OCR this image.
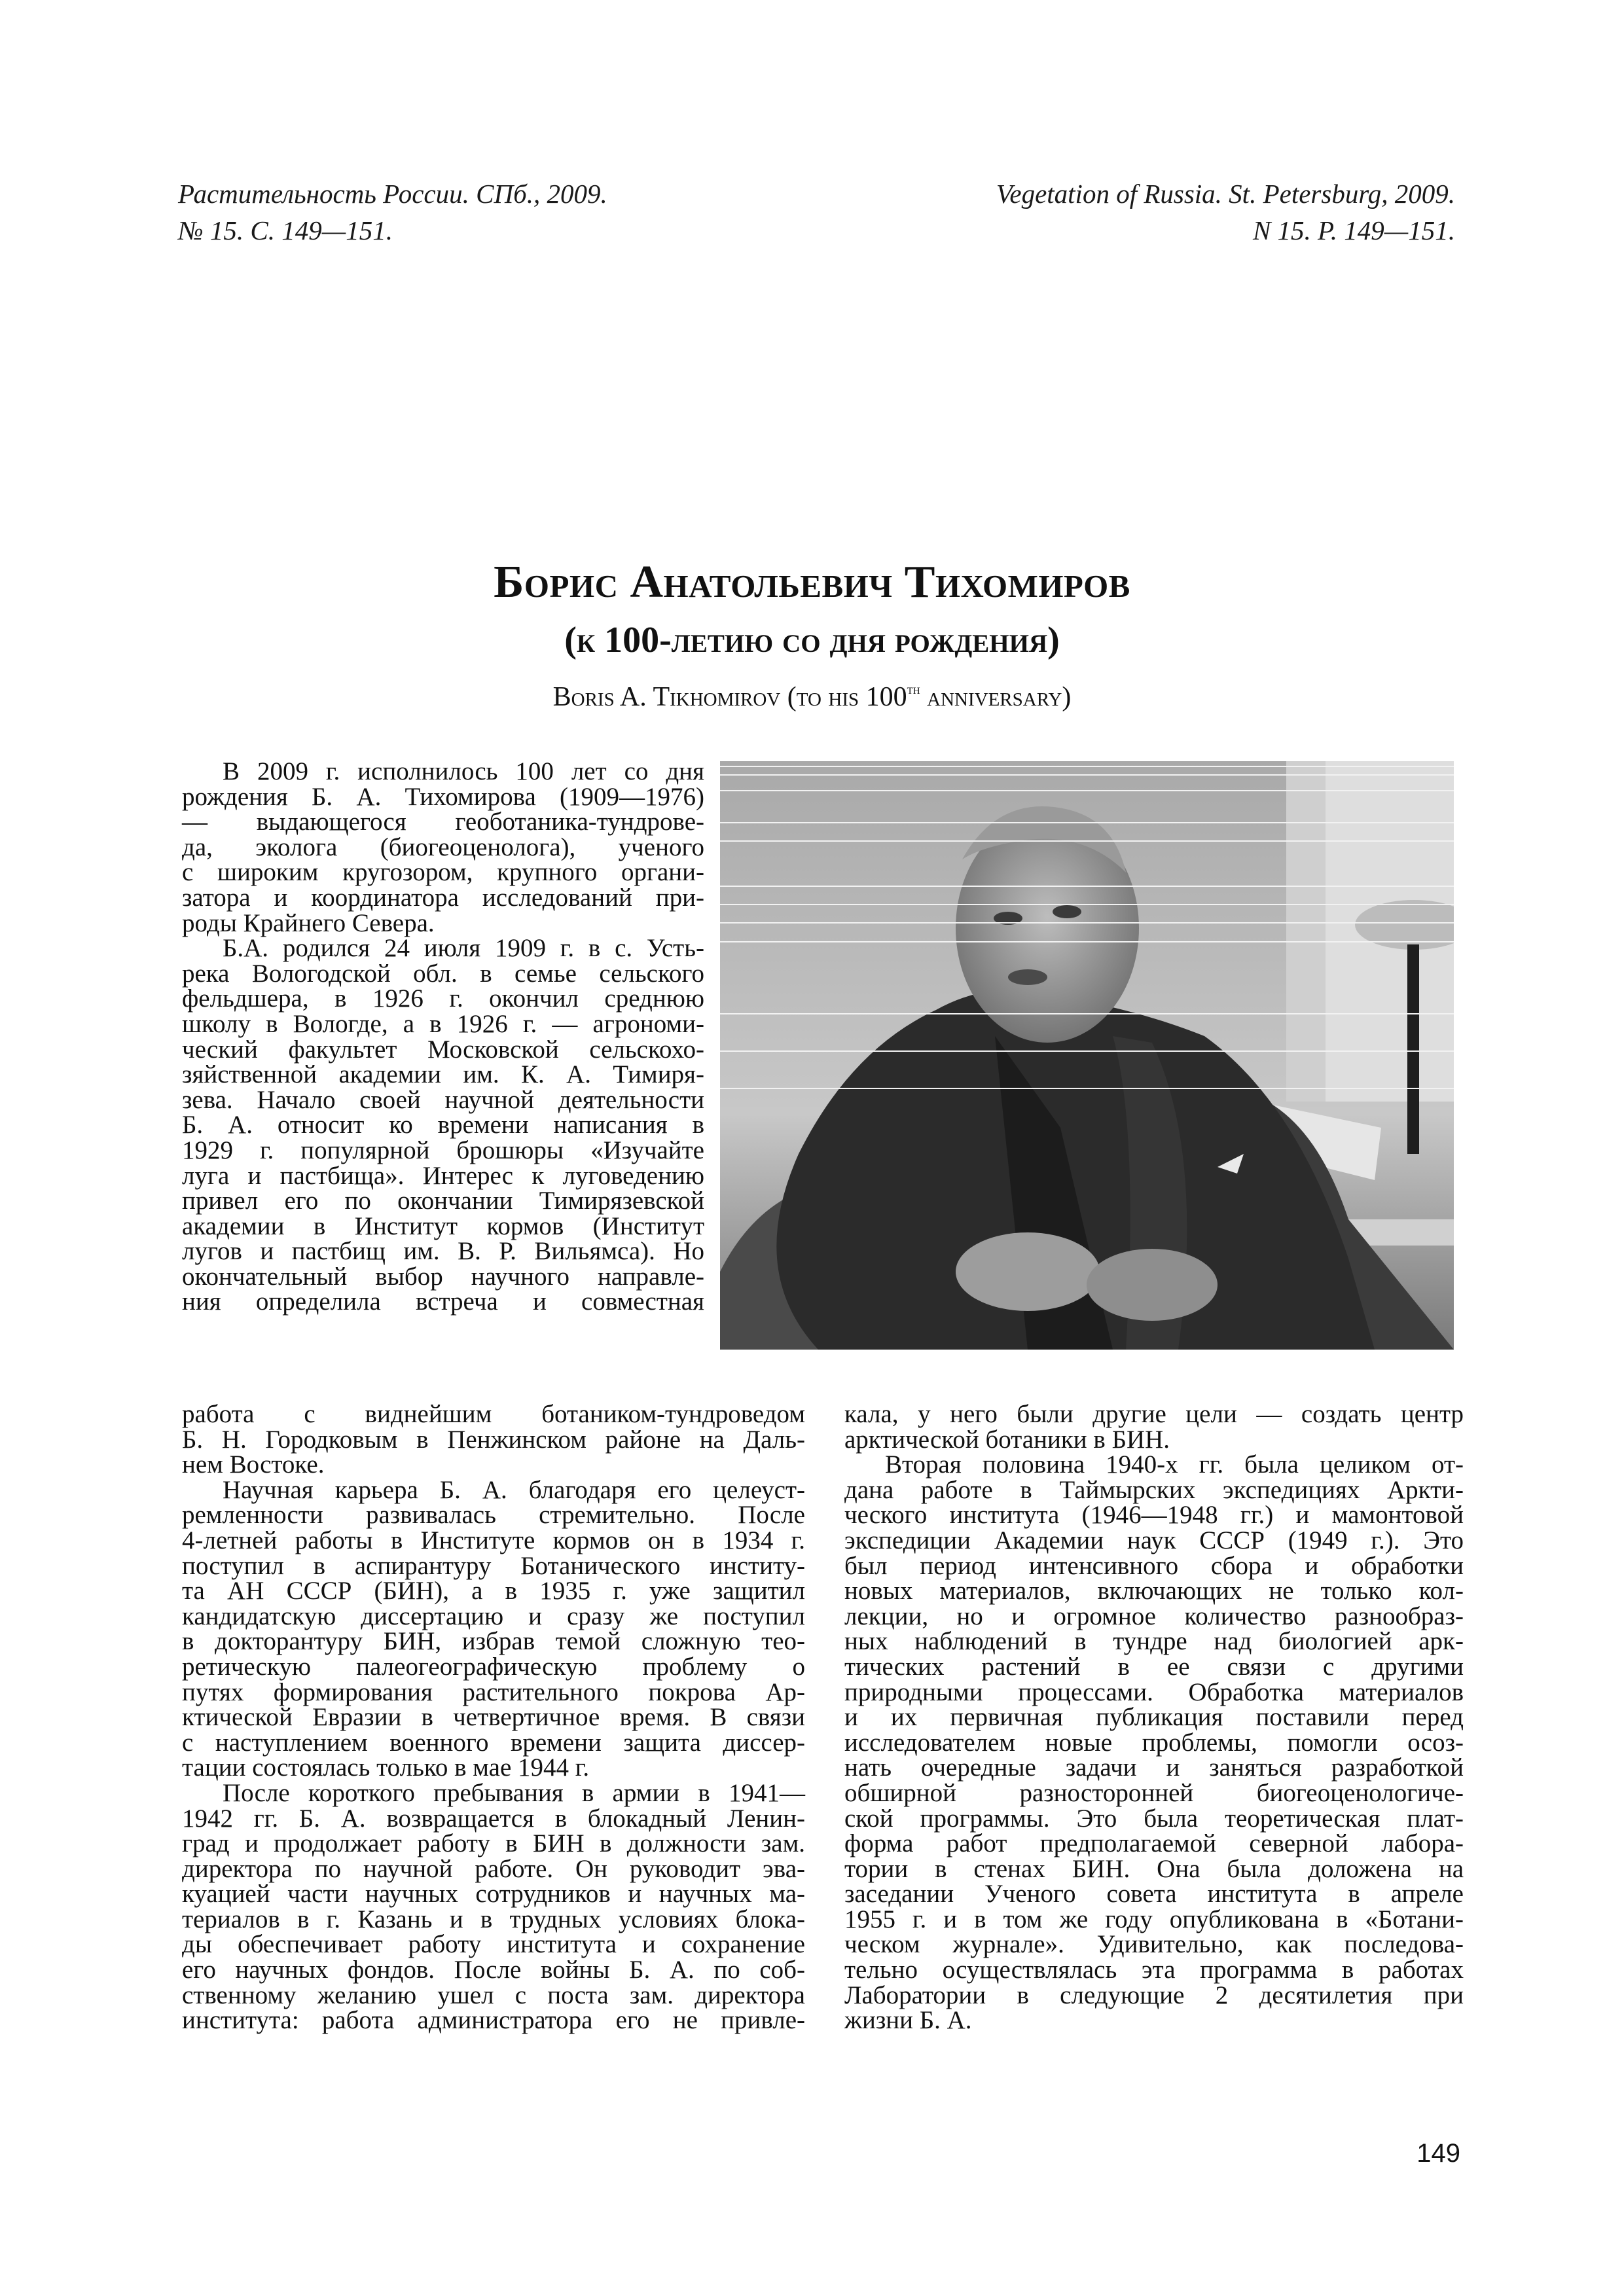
Растительность России. СПб., 2009.
№ 15. С. 149—151.
Vegetation of Russia. St. Petersburg, 2009.
N 15. P. 149—151.
Борис Анатольевич Тихомиров
(к 100-летию со дня рождения)
Boris A. Tikhomirov (to his 100th anniversary)
В 2009 г. исполнилось 100 лет со дня
рождения Б. А. Тихомирова (1909—1976)
— выдающегося геоботаника-тундрове-
да, эколога (биогеоценолога), ученого
с широким кругозором, крупного органи-
затора и координатора исследований при-
роды Крайнего Севера.
Б.А. родился 24 июля 1909 г. в с. Усть-
река Вологодской обл. в семье сельского
фельдшера, в 1926 г. окончил среднюю
школу в Вологде, а в 1926 г. — агрономи-
ческий факультет Московской сельскохо-
зяйственной академии им. К. А. Тимиря-
зева. Начало своей научной деятельности
Б. А. относит ко времени написания в
1929 г. популярной брошюры «Изучайте
луга и пастбища». Интерес к луговедению
привел его по окончании Тимирязевской
академии в Институт кормов (Институт
лугов и пастбищ им. В. Р. Вильямса). Но
окончательный выбор научного направле-
ния определила встреча и совместная
работа с виднейшим ботаником-тундроведом
Б. Н. Городковым в Пенжинском районе на Даль-
нем Востоке.
Научная карьера Б. А. благодаря его целеуст-
ремленности развивалась стремительно. После
4-летней работы в Институте кормов он в 1934 г.
поступил в аспирантуру Ботанического институ-
та АН СССР (БИН), а в 1935 г. уже защитил
кандидатскую диссертацию и сразу же поступил
в докторантуру БИН, избрав темой сложную тео-
ретическую палеогеографическую проблему о
путях формирования растительного покрова Ар-
ктической Евразии в четвертичное время. В связи
с наступлением военного времени защита диссер-
тации состоялась только в мае 1944 г.
После короткого пребывания в армии в 1941—
1942 гг. Б. А. возвращается в блокадный Ленин-
град и продолжает работу в БИН в должности зам.
директора по научной работе. Он руководит эва-
куацией части научных сотрудников и научных ма-
териалов в г. Казань и в трудных условиях блока-
ды обеспечивает работу института и сохранение
его научных фондов. После войны Б. А. по соб-
ственному желанию ушел с поста зам. директора
института: работа администратора его не привле-
кала, у него были другие цели — создать центр
арктической ботаники в БИН.
Вторая половина 1940-х гг. была целиком от-
дана работе в Таймырских экспедициях Аркти-
ческого института (1946—1948 гг.) и мамонтовой
экспедиции Академии наук СССР (1949 г.). Это
был период интенсивного сбора и обработки
новых материалов, включающих не только кол-
лекции, но и огромное количество разнообраз-
ных наблюдений в тундре над биологией арк-
тических растений в ее связи с другими
природными процессами. Обработка материалов
и их первичная публикация поставили перед
исследователем новые проблемы, помогли осоз-
нать очередные задачи и заняться разработкой
обширной разносторонней биогеоценологиче-
ской программы. Это была теоретическая плат-
форма работ предполагаемой северной лабора-
тории в стенах БИН. Она была доложена на
заседании Ученого совета института в апреле
1955 г. и в том же году опубликована в «Ботани-
ческом журнале». Удивительно, как последова-
тельно осуществлялась эта программа в работах
Лаборатории в следующие 2 десятилетия при
жизни Б. А.
149
